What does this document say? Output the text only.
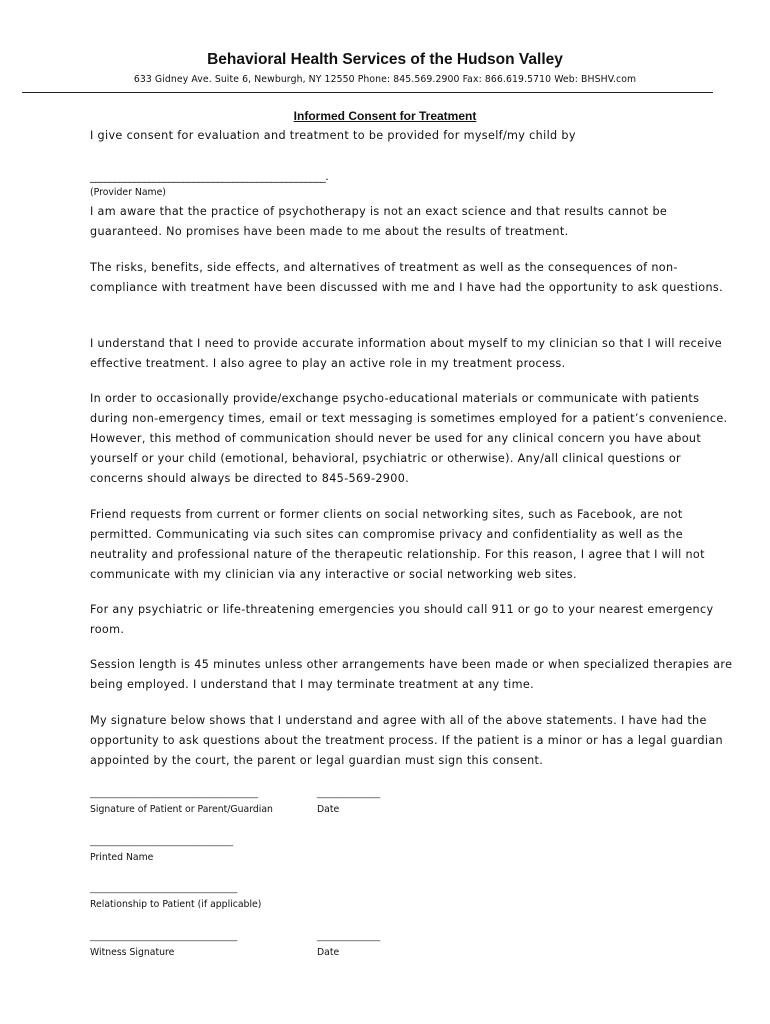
Behavioral Health Services of the Hudson Valley
633 Gidney Ave. Suite 6, Newburgh, NY 12550 Phone: 845.569.2900 Fax: 866.619.5710 Web: BHSHV.com
Informed Consent for Treatment

I give consent for evaluation and treatment to be provided for myself/my child by

________________________________________________.
(Provider Name)

I am aware that the practice of psychotherapy is not an exact science and that results cannot be guaranteed. No promises have been made to me about the results of treatment.

The risks, benefits, side effects, and alternatives of treatment as well as the consequences of non-compliance with treatment have been discussed with me and I have had the opportunity to ask questions.

I understand that I need to provide accurate information about myself to my clinician so that I will receive effective treatment. I also agree to play an active role in my treatment process.

In order to occasionally provide/exchange psycho-educational materials or communicate with patients during non-emergency times, email or text messaging is sometimes employed for a patient’s convenience. However, this method of communication should never be used for any clinical concern you have about yourself or your child (emotional, behavioral, psychiatric or otherwise). Any/all clinical questions or concerns should always be directed to 845-569-2900.

Friend requests from current or former clients on social networking sites, such as Facebook, are not permitted. Communicating via such sites can compromise privacy and confidentiality as well as the neutrality and professional nature of the therapeutic relationship. For this reason, I agree that I will not communicate with my clinician via any interactive or social networking web sites.

For any psychiatric or life-threatening emergencies you should call 911 or go to your nearest emergency room.

Session length is 45 minutes unless other arrangements have been made or when specialized therapies are being employed. I understand that I may terminate treatment at any time.

My signature below shows that I understand and agree with all of the above statements. I have had the opportunity to ask questions about the treatment process. If the patient is a minor or has a legal guardian appointed by the court, the parent or legal guardian must sign this consent.

________________________________________
Signature of Patient or Parent/Guardian
_______________
Date
__________________________________
Printed Name
___________________________________
Relationship to Patient (if applicable)
___________________________________
Witness Signature
_______________
Date
